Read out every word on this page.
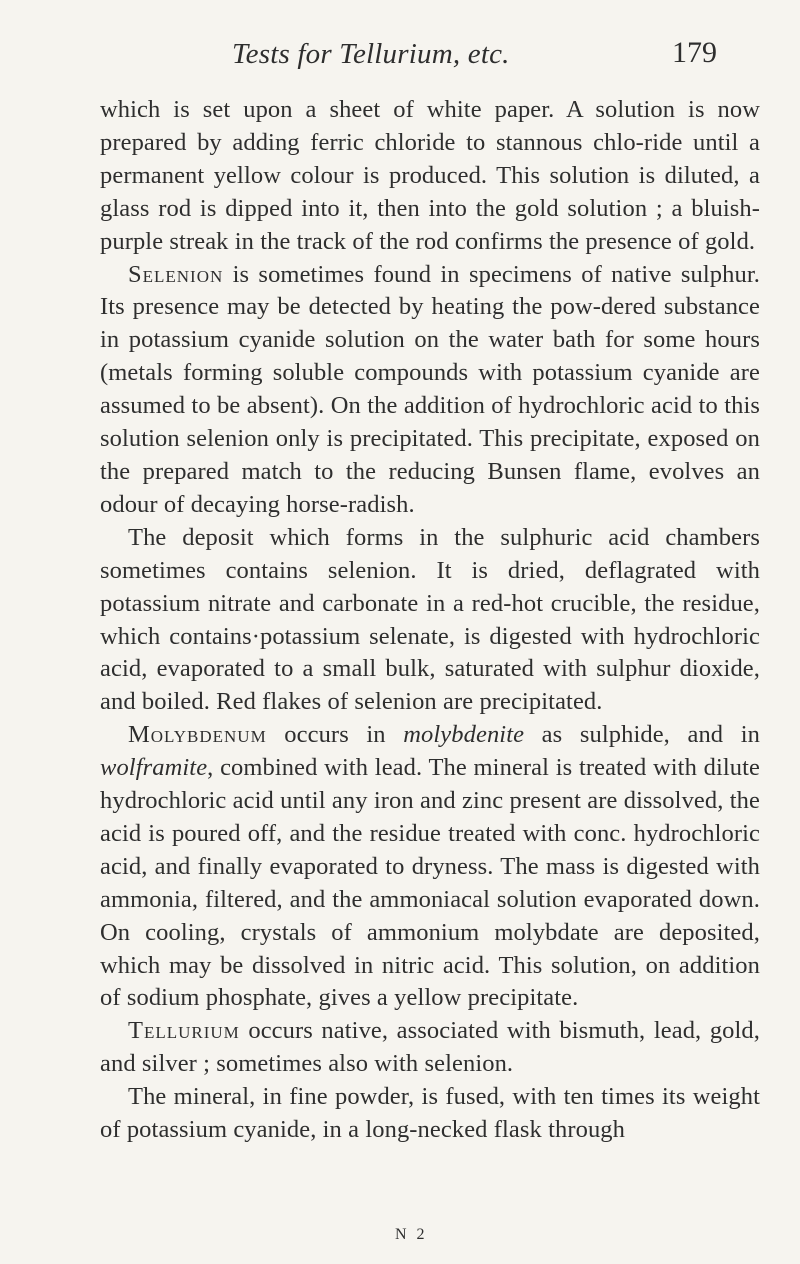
Tests for Tellurium, etc.	179

which is set upon a sheet of white paper. A solution is now prepared by adding ferric chloride to stannous chlo-ride until a permanent yellow colour is produced. This solution is diluted, a glass rod is dipped into it, then into the gold solution ; a bluish-purple streak in the track of the rod confirms the presence of gold.

Selenion is sometimes found in specimens of native sulphur. Its presence may be detected by heating the pow-dered substance in potassium cyanide solution on the water bath for some hours (metals forming soluble compounds with potassium cyanide are assumed to be absent). On the addition of hydrochloric acid to this solution selenion only is precipitated. This precipitate, exposed on the prepared match to the reducing Bunsen flame, evolves an odour of decaying horse-radish.

The deposit which forms in the sulphuric acid chambers sometimes contains selenion. It is dried, deflagrated with potassium nitrate and carbonate in a red-hot crucible, the residue, which contains·potassium selenate, is digested with hydrochloric acid, evaporated to a small bulk, saturated with sulphur dioxide, and boiled. Red flakes of selenion are precipitated.

Molybdenum occurs in molybdenite as sulphide, and in wolframite, combined with lead. The mineral is treated with dilute hydrochloric acid until any iron and zinc present are dissolved, the acid is poured off, and the residue treated with conc. hydrochloric acid, and finally evaporated to dryness. The mass is digested with ammonia, filtered, and the ammoniacal solution evaporated down. On cooling, crystals of ammonium molybdate are deposited, which may be dissolved in nitric acid. This solution, on addition of sodium phosphate, gives a yellow precipitate.

Tellurium occurs native, associated with bismuth, lead, gold, and silver ; sometimes also with selenion.

The mineral, in fine powder, is fused, with ten times its weight of potassium cyanide, in a long-necked flask through

N 2
